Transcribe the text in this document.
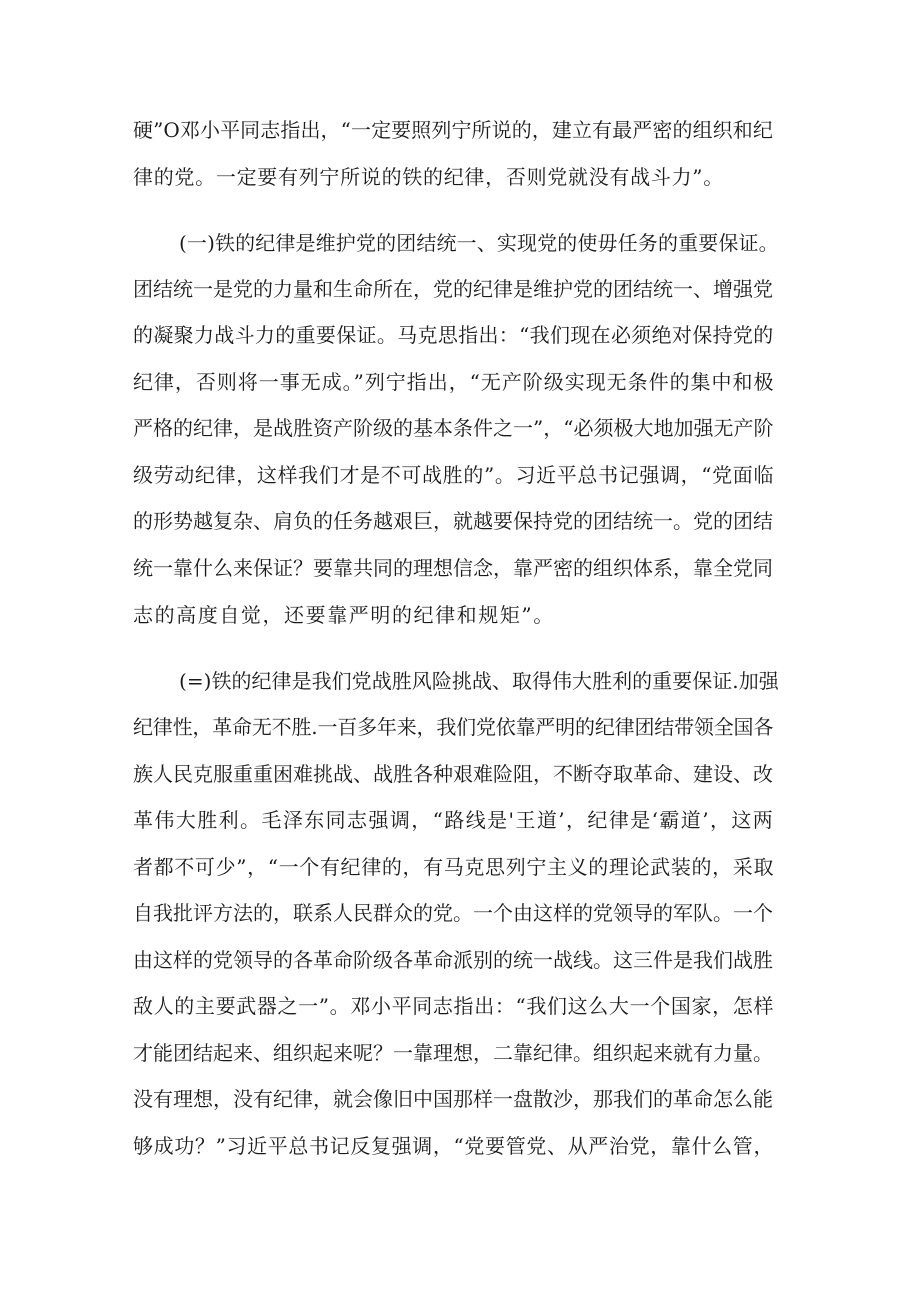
硬”O邓小平同志指出，“一定要照列宁所说的，建立有最严密的组织和纪
律的党。一定要有列宁所说的铁的纪律，否则党就没有战斗力”。
(一)铁的纪律是维护党的团结统一、实现党的使毋任务的重要保证。
团结统一是党的力量和生命所在，党的纪律是维护党的团结统一、增强党
的凝聚力战斗力的重要保证。马克思指出：“我们现在必须绝对保持党的
纪律，否则将一事无成。”列宁指出，“无产阶级实现无条件的集中和极
严格的纪律，是战胜资产阶级的基本条件之一”，“必须极大地加强无产阶
级劳动纪律，这样我们才是不可战胜的”。习近平总书记强调，“党面临
的形势越复杂、肩负的任务越艰巨，就越要保持党的团结统一。党的团结
统一靠什么来保证？要靠共同的理想信念，靠严密的组织体系，靠全党同
志的高度自觉，还要靠严明的纪律和规矩”。
(=)铁的纪律是我们党战胜风险挑战、取得伟大胜利的重要保证.加强
纪律性，革命无不胜.一百多年来，我们党依靠严明的纪律团结带领全国各
族人民克服重重困难挑战、战胜各种艰难险阻，不断夺取革命、建设、改
革伟大胜利。毛泽东同志强调，“路线是'王道’，纪律是‘霸道’，这两
者都不可少”，“一个有纪律的，有马克思列宁主义的理论武装的，采取
自我批评方法的，联系人民群众的党。一个由这样的党领导的军队。一个
由这样的党领导的各革命阶级各革命派别的统一战线。这三件是我们战胜
敌人的主要武器之一”。邓小平同志指出：“我们这么大一个国家，怎样
才能团结起来、组织起来呢？一靠理想，二靠纪律。组织起来就有力量。
没有理想，没有纪律，就会像旧中国那样一盘散沙，那我们的革命怎么能
够成功？”习近平总书记反复强调，“党要管党、从严治党，靠什么管，
